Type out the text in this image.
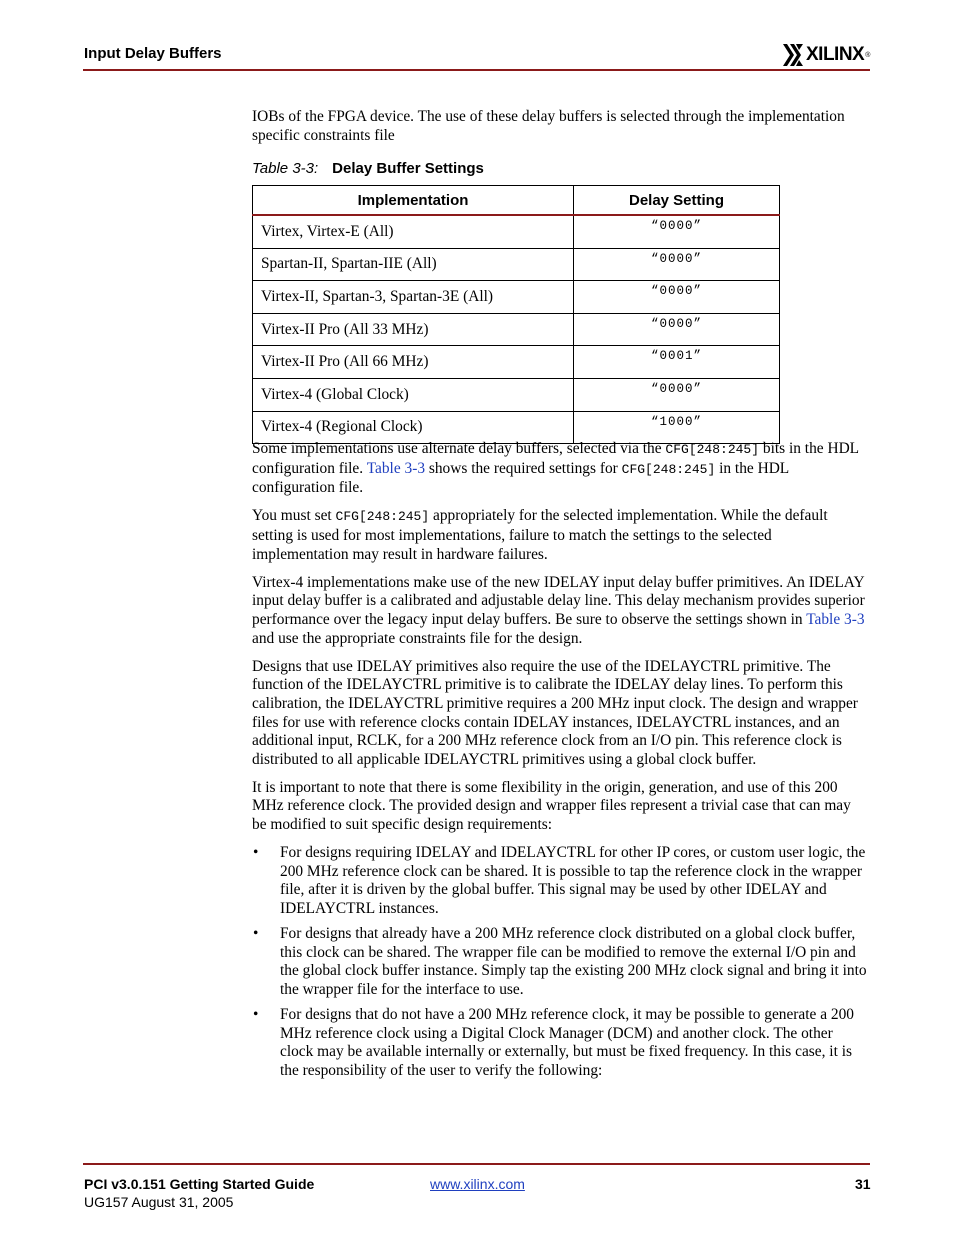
Input Delay Buffers	XILINX ®

IOBs of the FPGA device. The use of these delay buffers is selected through the implementation specific constraints file

Table 3-3: Delay Buffer Settings
Implementation	Delay Setting
Virtex, Virtex-E (All)	“0000”
Spartan-II, Spartan-IIE (All)	“0000”
Virtex-II, Spartan-3, Spartan-3E (All)	“0000”
Virtex-II Pro (All 33 MHz)	“0000”
Virtex-II Pro (All 66 MHz)	“0001”
Virtex-4 (Global Clock)	“0000”
Virtex-4 (Regional Clock)	“1000”

Some implementations use alternate delay buffers, selected via the CFG[248:245] bits in the HDL configuration file. Table 3-3 shows the required settings for CFG[248:245] in the HDL configuration file.

You must set CFG[248:245] appropriately for the selected implementation. While the default setting is used for most implementations, failure to match the settings to the selected implementation may result in hardware failures.

Virtex-4 implementations make use of the new IDELAY input delay buffer primitives. An IDELAY input delay buffer is a calibrated and adjustable delay line. This delay mechanism provides superior performance over the legacy input delay buffers. Be sure to observe the settings shown in Table 3-3 and use the appropriate constraints file for the design.

Designs that use IDELAY primitives also require the use of the IDELAYCTRL primitive. The function of the IDELAYCTRL primitive is to calibrate the IDELAY delay lines. To perform this calibration, the IDELAYCTRL primitive requires a 200 MHz input clock. The design and wrapper files for use with reference clocks contain IDELAY instances, IDELAYCTRL instances, and an additional input, RCLK, for a 200 MHz reference clock from an I/O pin. This reference clock is distributed to all applicable IDELAYCTRL primitives using a global clock buffer.

It is important to note that there is some flexibility in the origin, generation, and use of this 200 MHz reference clock. The provided design and wrapper files represent a trivial case that can may be modified to suit specific design requirements:

• For designs requiring IDELAY and IDELAYCTRL for other IP cores, or custom user logic, the 200 MHz reference clock can be shared. It is possible to tap the reference clock in the wrapper file, after it is driven by the global buffer. This signal may be used by other IDELAY and IDELAYCTRL instances.
• For designs that already have a 200 MHz reference clock distributed on a global clock buffer, this clock can be shared. The wrapper file can be modified to remove the external I/O pin and the global clock buffer instance. Simply tap the existing 200 MHz clock signal and bring it into the wrapper file for the interface to use.
• For designs that do not have a 200 MHz reference clock, it may be possible to generate a 200 MHz reference clock using a Digital Clock Manager (DCM) and another clock. The other clock may be available internally or externally, but must be fixed frequency. In this case, it is the responsibility of the user to verify the following:
PCI v3.0.151 Getting Started Guide
UG157 August 31, 2005
www.xilinx.com	31
